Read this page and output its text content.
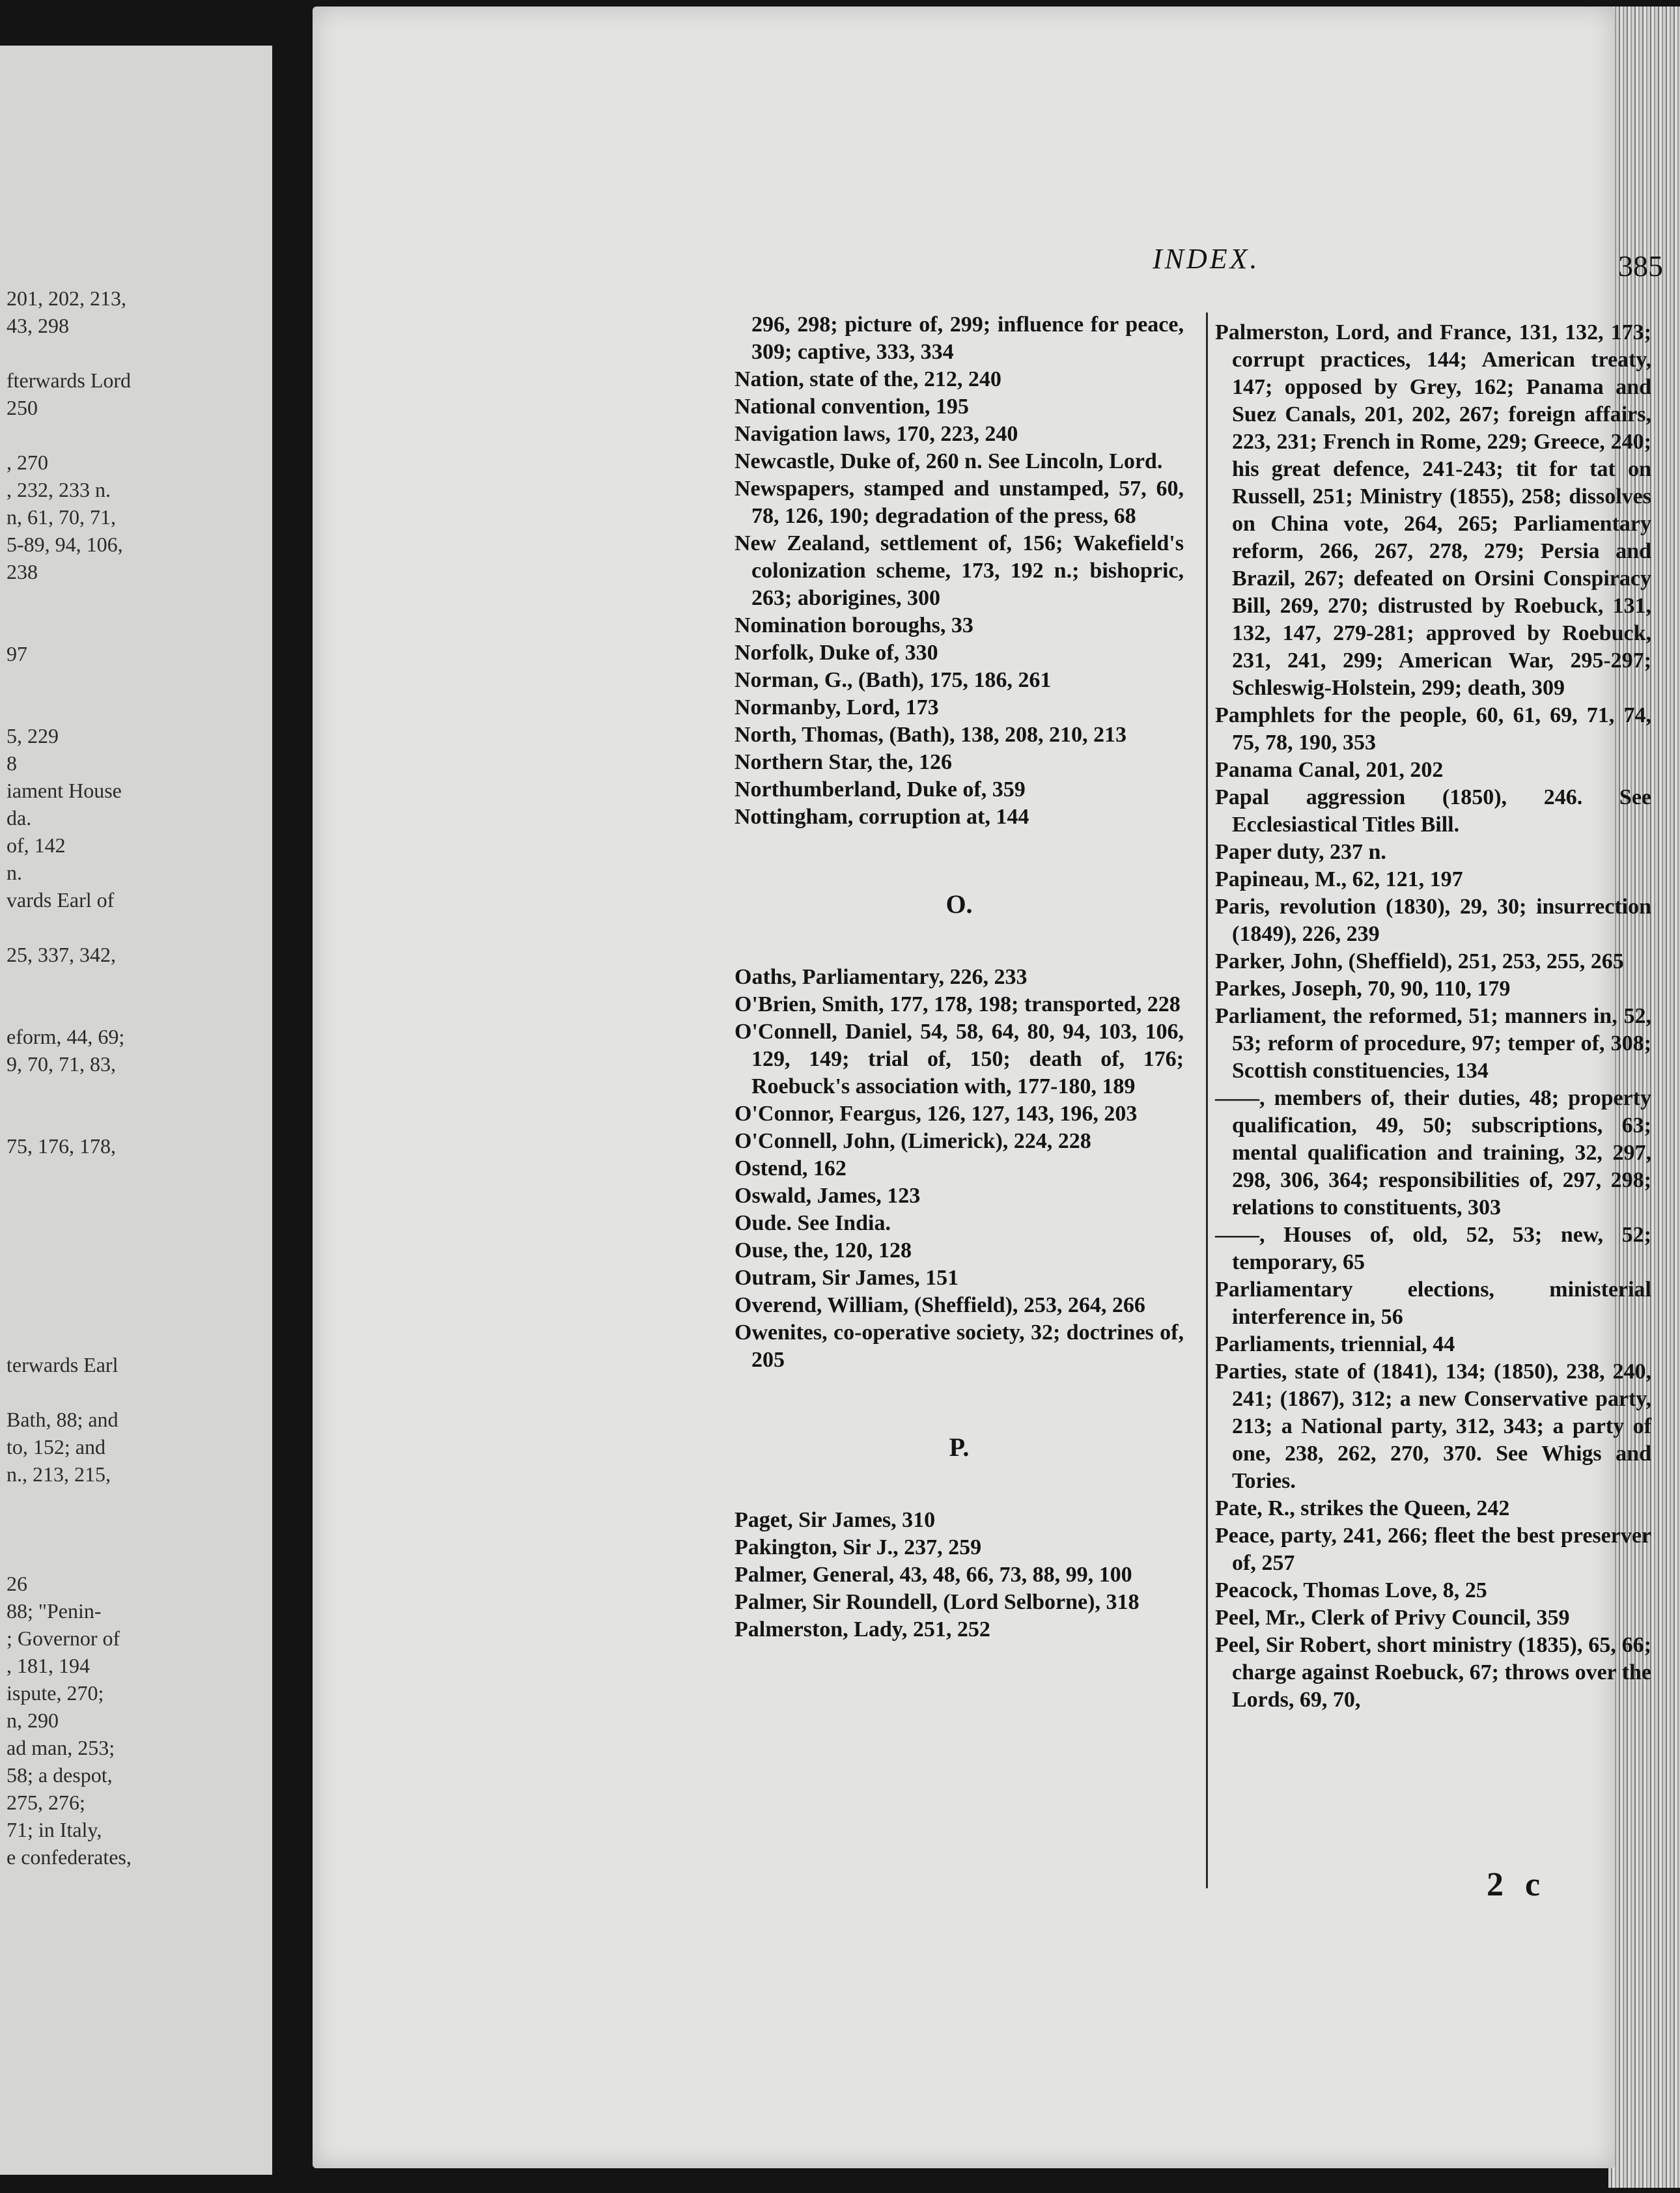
201, 202, 213,
43, 298
fterwards Lord
250
, 270
, 232, 233 n.
n, 61, 70, 71,
5-89, 94, 106,
238
97
5, 229
8
iament House
da.
of, 142
n.
vards Earl of
25, 337, 342,
eform, 44, 69;
9, 70, 71, 83,
75, 176, 178,
terwards Earl
Bath, 88; and
to, 152; and
n., 213, 215,
26
88; "Penin-
; Governor of
, 181, 194
ispute, 270;
n, 290
ad man, 253;
58; a despot,
275, 276;
71; in Italy,
e confederates,
INDEX.	385
296, 298; picture of, 299; influence for peace, 309; captive, 333, 334
Nation, state of the, 212, 240
National convention, 195
Navigation laws, 170, 223, 240
Newcastle, Duke of, 260 n. See Lincoln, Lord.
Newspapers, stamped and unstamped, 57, 60, 78, 126, 190; degradation of the press, 68
New Zealand, settlement of, 156; Wakefield's colonization scheme, 173, 192 n.; bishopric, 263; aborigines, 300
Nomination boroughs, 33
Norfolk, Duke of, 330
Norman, G., (Bath), 175, 186, 261
Normanby, Lord, 173
North, Thomas, (Bath), 138, 208, 210, 213
Northern Star, the, 126
Northumberland, Duke of, 359
Nottingham, corruption at, 144
O.
Oaths, Parliamentary, 226, 233
O'Brien, Smith, 177, 178, 198; transported, 228
O'Connell, Daniel, 54, 58, 64, 80, 94, 103, 106, 129, 149; trial of, 150; death of, 176; Roebuck's association with, 177-180, 189
O'Connor, Feargus, 126, 127, 143, 196, 203
O'Connell, John, (Limerick), 224, 228
Ostend, 162
Oswald, James, 123
Oude. See India.
Ouse, the, 120, 128
Outram, Sir James, 151
Overend, William, (Sheffield), 253, 264, 266
Owenites, co-operative society, 32; doctrines of, 205
P.
Paget, Sir James, 310
Pakington, Sir J., 237, 259
Palmer, General, 43, 48, 66, 73, 88, 99, 100
Palmer, Sir Roundell, (Lord Selborne), 318
Palmerston, Lady, 251, 252
Palmerston, Lord, and France, 131, 132, 173; corrupt practices, 144; American treaty, 147; opposed by Grey, 162; Panama and Suez Canals, 201, 202, 267; foreign affairs, 223, 231; French in Rome, 229; Greece, 240; his great defence, 241-243; tit for tat on Russell, 251; Ministry (1855), 258; dissolves on China vote, 264, 265; Parliamentary reform, 266, 267, 278, 279; Persia and Brazil, 267; defeated on Orsini Conspiracy Bill, 269, 270; distrusted by Roebuck, 131, 132, 147, 279-281; approved by Roebuck, 231, 241, 299; American War, 295-297; Schleswig-Holstein, 299; death, 309
Pamphlets for the people, 60, 61, 69, 71, 74, 75, 78, 190, 353
Panama Canal, 201, 202
Papal aggression (1850), 246. See Ecclesiastical Titles Bill.
Paper duty, 237 n.
Papineau, M., 62, 121, 197
Paris, revolution (1830), 29, 30; insurrection (1849), 226, 239
Parker, John, (Sheffield), 251, 253, 255, 265
Parkes, Joseph, 70, 90, 110, 179
Parliament, the reformed, 51; manners in, 52, 53; reform of procedure, 97; temper of, 308; Scottish constituencies, 134
——, members of, their duties, 48; property qualification, 49, 50; subscriptions, 63; mental qualification and training, 32, 297, 298, 306, 364; responsibilities of, 297, 298; relations to constituents, 303
——, Houses of, old, 52, 53; new, 52; temporary, 65
Parliamentary elections, ministerial interference in, 56
Parliaments, triennial, 44
Parties, state of (1841), 134; (1850), 238, 240, 241; (1867), 312; a new Conservative party, 213; a National party, 312, 343; a party of one, 238, 262, 270, 370. See Whigs and Tories.
Pate, R., strikes the Queen, 242
Peace, party, 241, 266; fleet the best preserver of, 257
Peacock, Thomas Love, 8, 25
Peel, Mr., Clerk of Privy Council, 359
Peel, Sir Robert, short ministry (1835), 65, 66; charge against Roebuck, 67; throws over the Lords, 69, 70,
2 c
